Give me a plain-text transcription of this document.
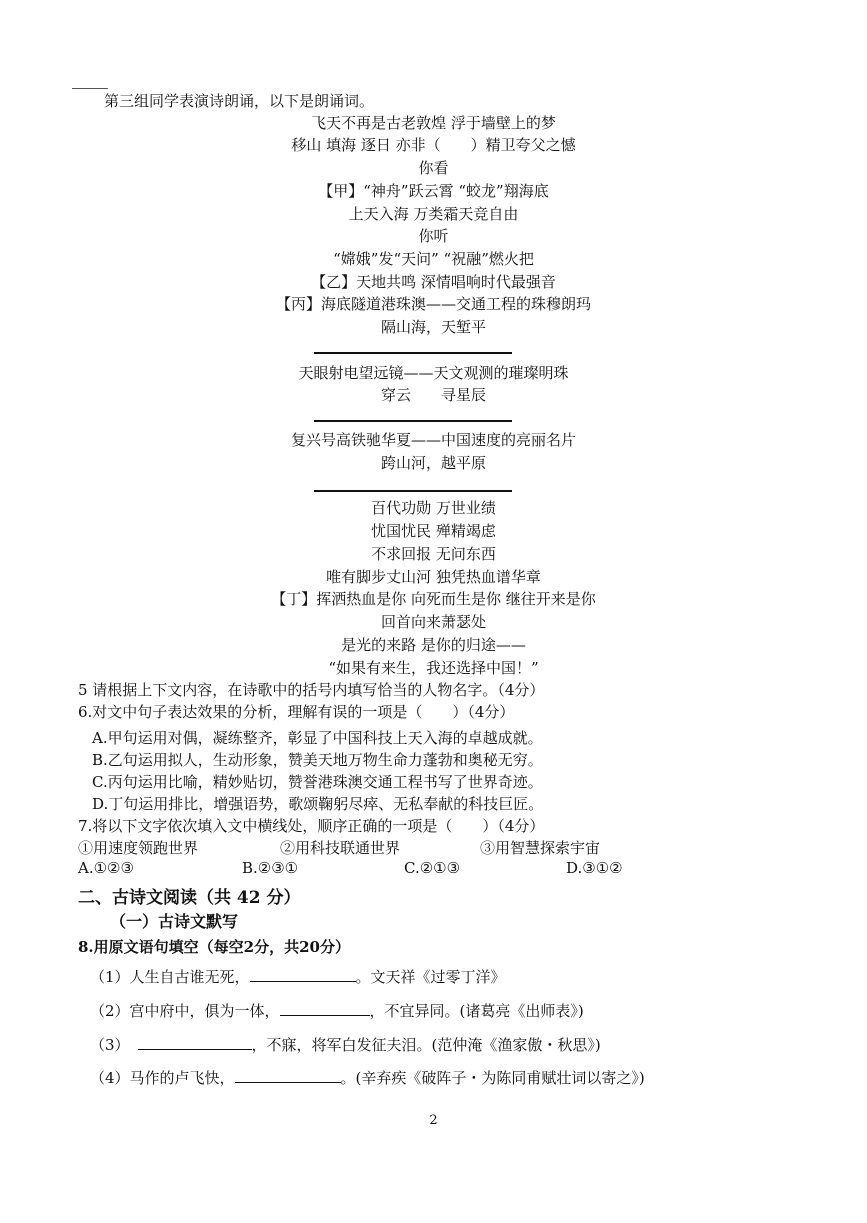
第三组同学表演诗朗诵，以下是朗诵词。
飞天不再是古老敦煌 浮于墙壁上的梦
移山 填海 逐日 亦非（　　）精卫夸父之憾
你看
【甲】“神舟”跃云霄 “蛟龙”翔海底
上天入海 万类霜天竞自由
你听
“嫦娥”发“天问” “祝融”燃火把
【乙】天地共鸣 深情唱响时代最强音
【丙】海底隧道港珠澳——交通工程的珠穆朗玛
隔山海，天堑平
天眼射电望远镜——天文观测的璀璨明珠
穿云　　寻星辰
复兴号高铁驰华夏——中国速度的亮丽名片
跨山河，越平原
百代功勋 万世业绩
忧国忧民 殚精竭虑
不求回报 无问东西
唯有脚步丈山河 独凭热血谱华章
【丁】挥洒热血是你 向死而生是你 继往开来是你
回首向来萧瑟处
是光的来路 是你的归途——
“如果有来生，我还选择中国！”
5 请根据上下文内容，在诗歌中的括号内填写恰当的人物名字。（4分）
6.对文中句子表达效果的分析，理解有误的一项是（　　）（4分）
A.甲句运用对偶，凝练整齐，彰显了中国科技上天入海的卓越成就。
B.乙句运用拟人，生动形象，赞美天地万物生命力蓬勃和奥秘无穷。
C.丙句运用比喻，精妙贴切，赞誉港珠澳交通工程书写了世界奇迹。
D.丁句运用排比，增强语势，歌颂鞠躬尽瘁、无私奉献的科技巨匠。
7.将以下文字依次填入文中横线处，顺序正确的一项是（　　）（4分）
①用速度领跑世界	②用科技联通世界	③用智慧探索宇宙
A.①②③	B.②③①	C.②①③	D.③①②
二、古诗文阅读（共 42 分）
（一）古诗文默写
8.用原文语句填空（每空2分，共20分）
（1）人生自古谁无死，	。文天祥《过零丁洋》
（2）宫中府中，俱为一体，	，不宜异同。(诸葛亮《出师表》)
（3）	，不寐，将军白发征夫泪。(范仲淹《渔家傲・秋思》)
（4）马作的卢飞快，	。(辛弃疾《破阵子・为陈同甫赋壮词以寄之》)
2
